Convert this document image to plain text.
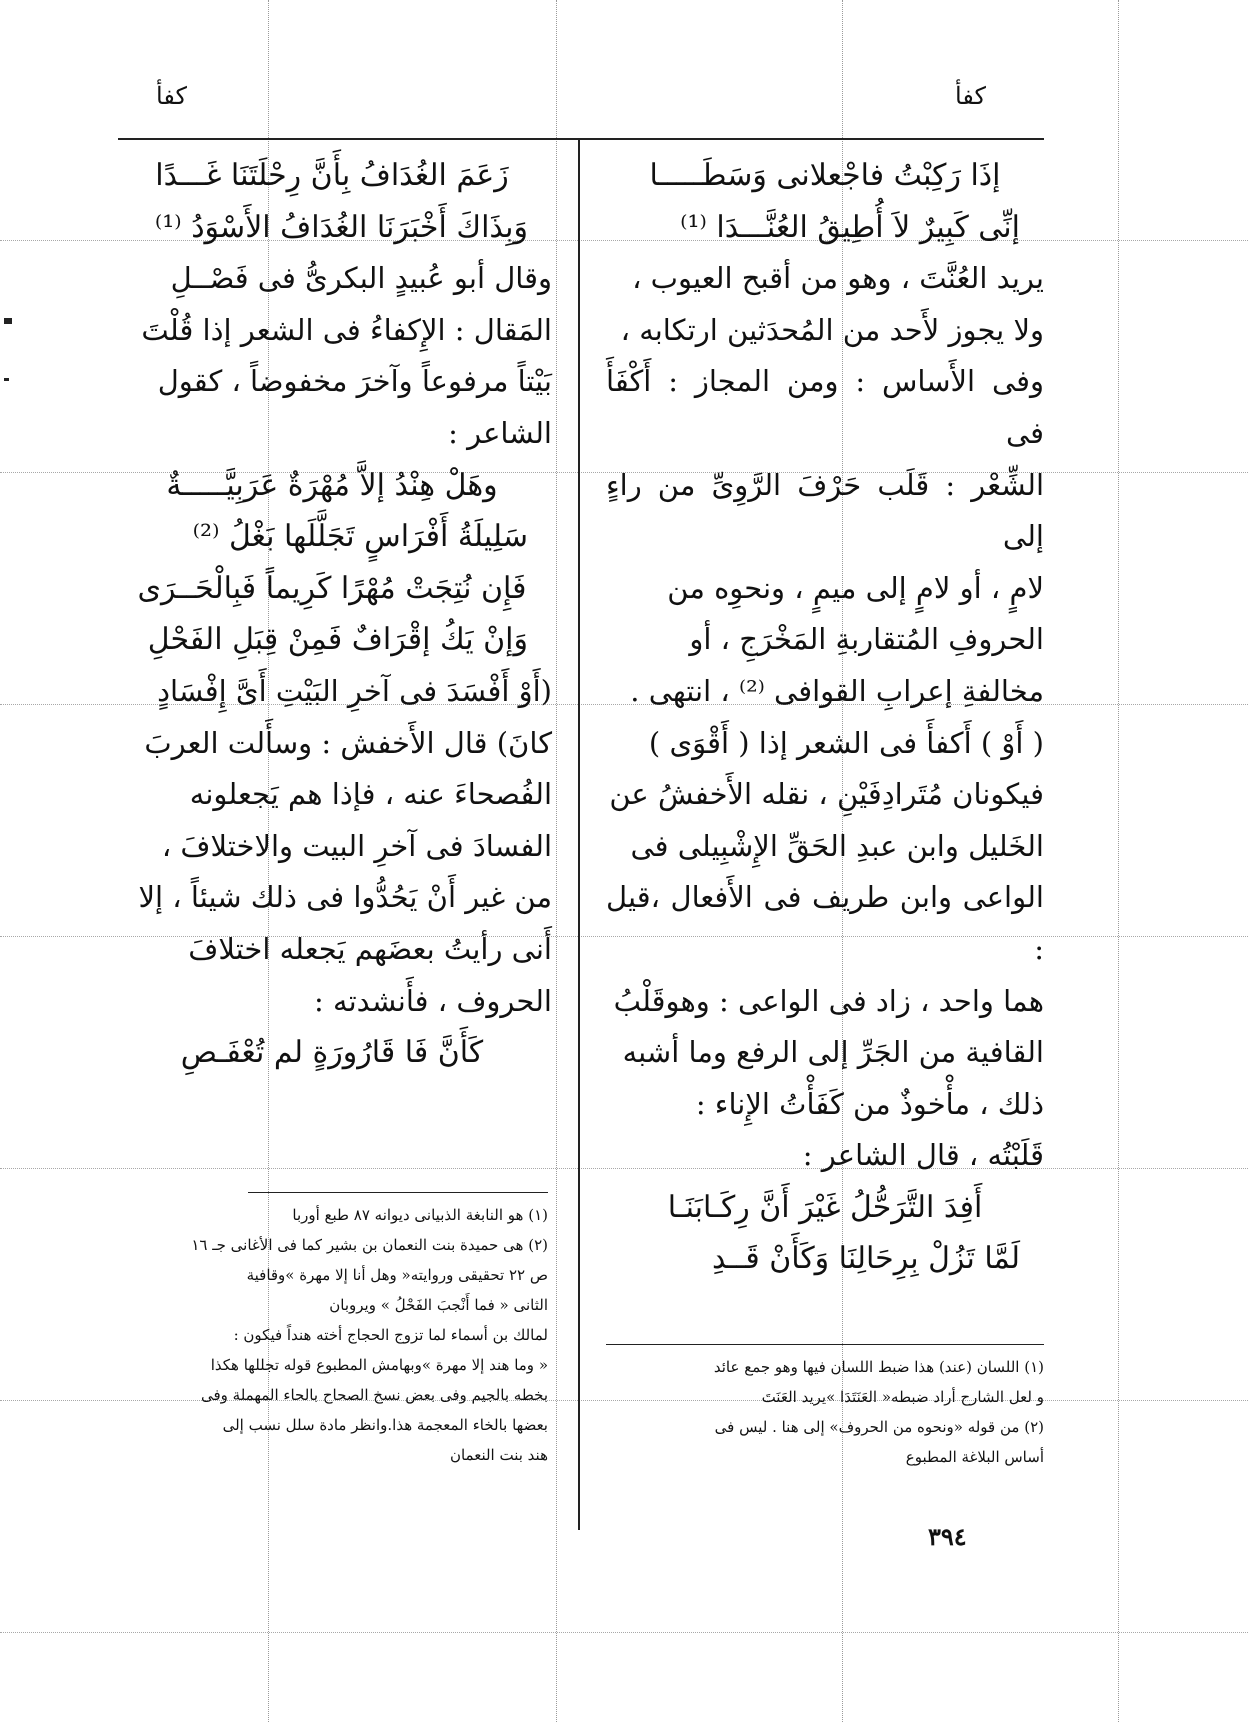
كفأ
كفأ

إذَا رَكِبْتُ فاجْعلانى وَسَطَـــــا

إنِّى كَبِيرٌ لاَ أُطِيقُ العُنَّـــدَا ⁽¹⁾

يريد العُنَّتَ ، وهو من أقبح العيوب ،

ولا يجوز لأَحد من المُحدَثين ارتكابه ،

وفى الأَساس : ومن المجاز : أَكْفَأَ فى

الشِّعْر : قَلَب حَرْفَ الرَّوِىِّ من راءٍ إلى

لامٍ ، أو لامٍ إلى ميمٍ ، ونحوِه من

الحروفِ المُتقاربةِ المَخْرَجِ ، أو

مخالفةِ إعرابِ القوافى ⁽²⁾ ، انتهى .

( أَوْ ) أَكفأَ فى الشعر إذا ( أَقْوَى )

فيكونان مُتَرادِفَيْنِ ، نقله الأَخفشُ عن

الخَليل وابن عبدِ الحَقِّ الإِشْبِيلى فى

الواعى وابن طريف فى الأَفعال ،قيل :

هما واحد ، زاد فى الواعى : وهوقَلْبُ

القافية من الجَرِّ إلى الرفع وما أشبه

ذلك ، مأْخوذٌ من كَفَأْتُ الإِناء :

قَلَبْتُه ، قال الشاعر :

أَفِدَ التَّرَحُّلُ غَيْرَ أَنَّ رِكَـابَنَـا

لَمَّا تَزُلْ بِرِحَالِنَا وَكَأَنْ قَــدِ

(١) اللسان (عند) هذا ضبط اللسان فيها وهو جمع عائد

و لعل الشارح أراد ضبطه« العَنَتَدَا »يريد العَنَتَ

(٢) من قوله «ونحوه من الحروف» إلى هنا . ليس فى

أساس البلاغة المطبوع

زَعَمَ الغُدَافُ بِأَنَّ رِحْلَتَنَا غَـــدًا

وَبِذَاكَ أَخْبَرَنَا الغُدَافُ الأَسْوَدُ ⁽¹⁾

وقال أبو عُبيدٍ البكرىُّ فى فَصْــلِ

المَقال : الإِكفاءُ فى الشعر إذا قُلْتَ

بَيْتاً مرفوعاً وآخرَ مخفوضاً ، كقول

الشاعر :

وهَلْ هِنْدُ إلاَّ مُهْرَةٌ عَرَبِيَّـــــةٌ

سَلِيلَةُ أَفْرَاسٍ تَجَلَّلَها بَغْلُ ⁽²⁾

فَإِن نُتِجَتْ مُهْرًا كَرِيماً فَبِالْحَــرَى

وَإنْ يَكُ إقْرَافٌ فَمِنْ قِبَلِ الفَحْلِ

(أَوْ أَفْسَدَ فى آخرِ البَيْتِ أَىَّ إِفْسَادٍ

كانَ) قال الأَخفش : وسأَلت العربَ

الفُصحاءَ عنه ، فإذا هم يَجعلونه

الفسادَ فى آخرِ البيت والاختلافَ ،

من غير أَنْ يَحُدُّوا فى ذلك شيئاً ، إلا

أَنى رأيتُ بعضَهم يَجعله اختلافَ

الحروف ، فأَنشدته :

كَأَنَّ فَا قَارُورَةٍ لم تُعْفَـصِ

(١) هو النابغة الذبيانى ديوانه ٨٧ طبع أوربا

(٢) هى حميدة بنت النعمان بن بشير كما فى الأغانى جـ ١٦

ص ٢٢ تحقيقى وروايته« وهل أنا إلا مهرة »وقافية

الثانى « فما أَنْجبَ الفَحْلُ » ويروبان

لمالك بن أسماء لما تزوج الحجاج أخته هنداً فيكون :

« وما هند إلا مهرة »وبهامش المطبوع قوله تجللها هكذا

بخطه بالجيم وفى بعض نسخ الصحاح بالحاء المهملة وفى

بعضها بالخاء المعجمة هذا.وانظر مادة سلل نسب إلى

هند بنت النعمان

٣٩٤
